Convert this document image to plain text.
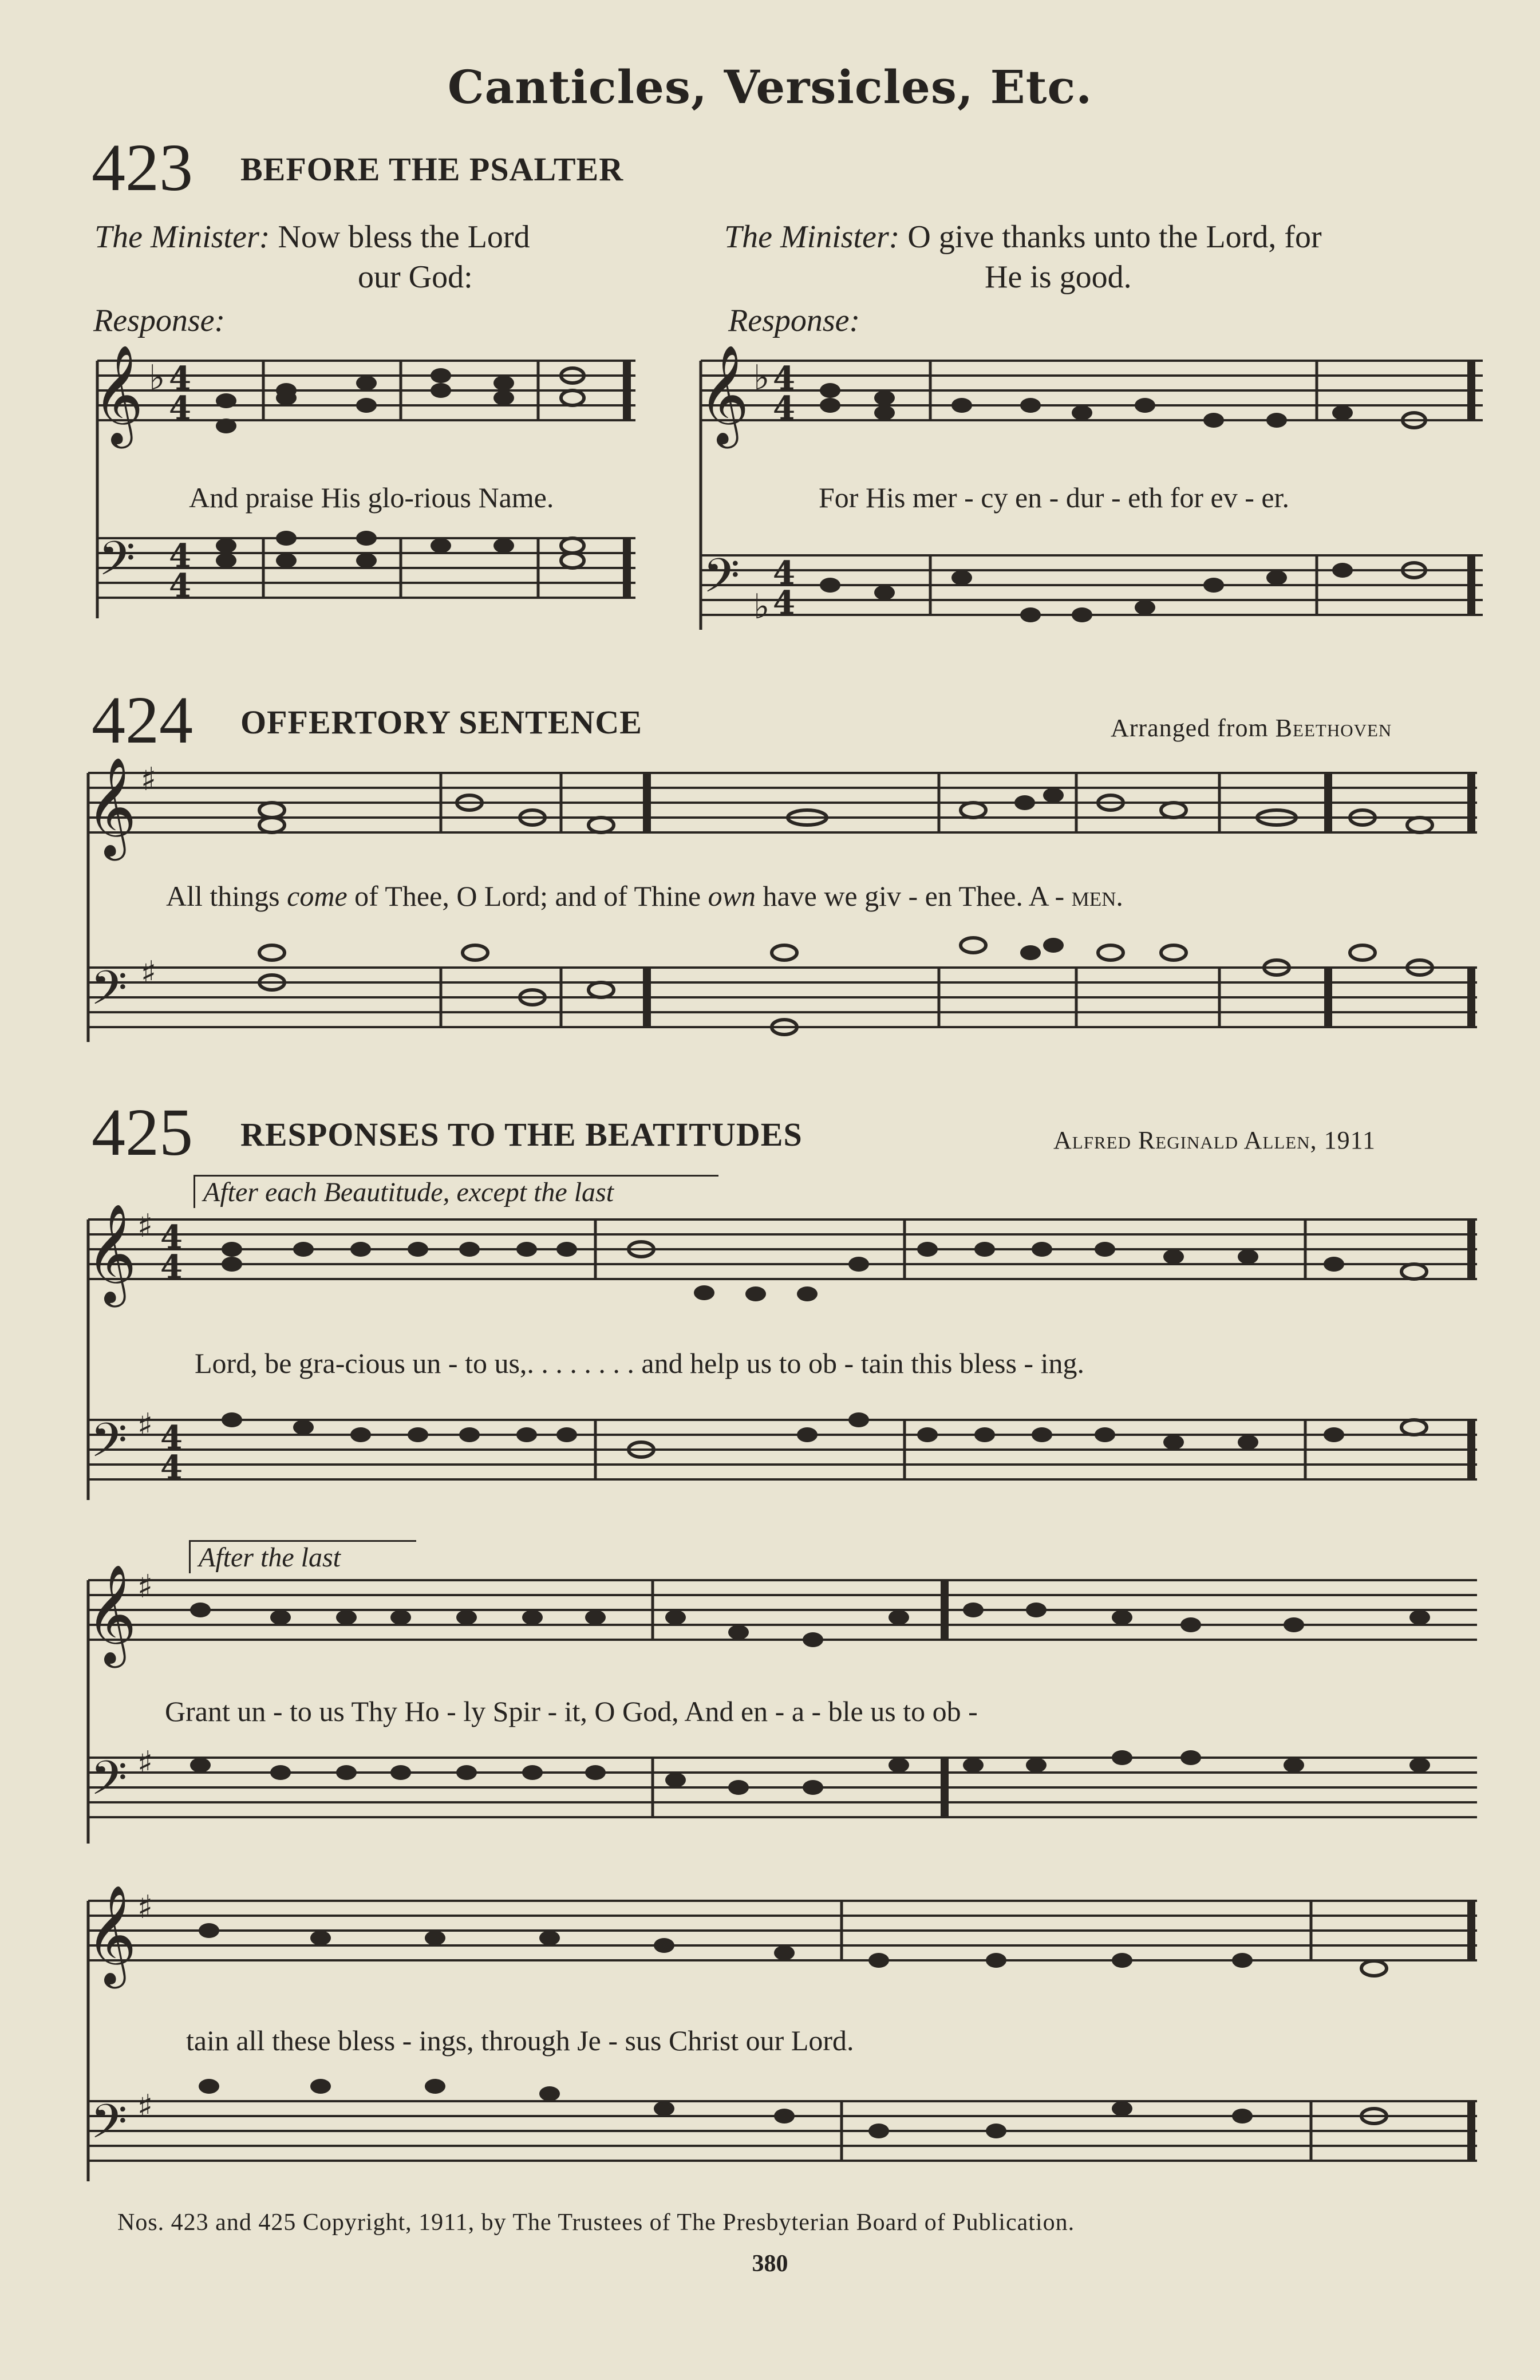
Canticles, Versicles, Etc.
423 BEFORE THE PSALTER
The Minister: Now bless the Lord
our God:
Response:
The Minister: O give thanks unto the Lord, for
He is good.
Response:
𝄞 ♭ 4
4
𝄢 4
4
And praise His glo-rious Name.
𝄞 ♭ 4
4
𝄢 ♭
4
4
For His mer - cy en - dur - eth for ev - er.
424 OFFERTORY SENTENCE	Arranged from Beethoven
𝄞 ♯
𝄢 ♯
All things come of Thee, O Lord; and of Thine own have we giv - en Thee. A - men.
425 RESPONSES TO THE BEATITUDES	Alfred Reginald Allen, 1911
After each Beautitude, except the last
𝄞 ♯ 4
4
𝄢 ♯ 4
4
Lord, be gra-cious un - to us,. . . . . . . . and help us to ob - tain this bless - ing.
After the last
𝄞 ♯
𝄢 ♯
Grant un - to us Thy Ho - ly Spir - it, O God, And en - a - ble us to ob -
𝄞 ♯
𝄢 ♯
tain all these bless - ings, through Je - sus Christ our Lord.
Nos. 423 and 425 Copyright, 1911, by The Trustees of The Presbyterian Board of Publication.
380
